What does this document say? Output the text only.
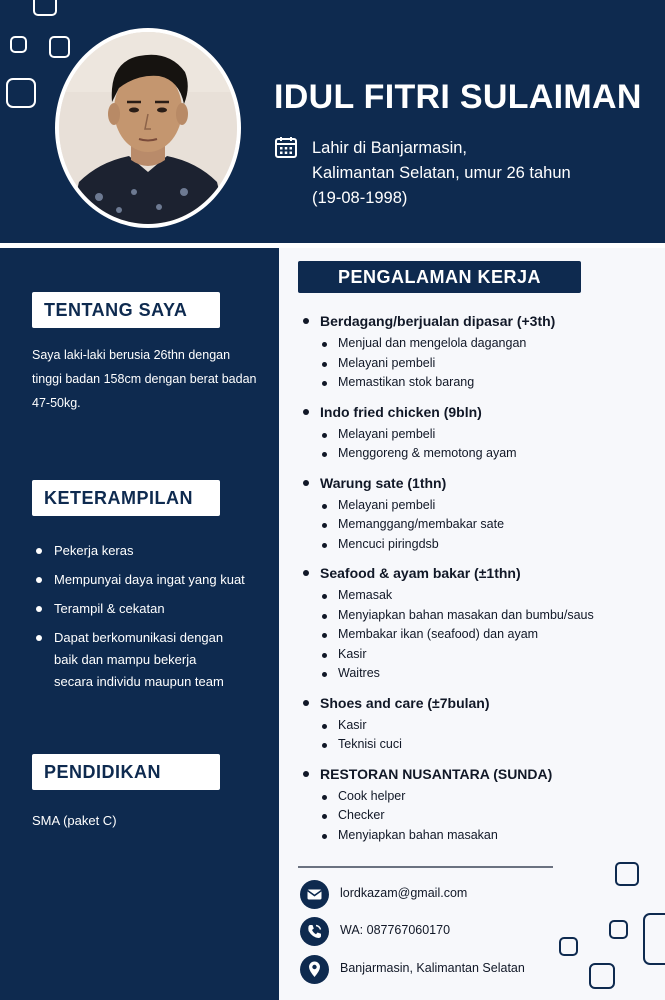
IDUL FITRI SULAIMAN
Lahir di Banjarmasin,
Kalimantan Selatan, umur 26 tahun
(19-08-1998)
TENTANG SAYA
Saya laki-laki berusia 26thn dengan
tinggi badan 158cm dengan berat badan
47-50kg.
KETERAMPILAN
Pekerja keras
Mempunyai daya ingat yang kuat
Terampil & cekatan
Dapat berkomunikasi dengan baik dan mampu bekerja secara individu maupun team
PENDIDIKAN
SMA (paket C)
PENGALAMAN KERJA
Berdagang/berjualan dipasar (+3th)
Menjual dan mengelola dagangan
Melayani pembeli
Memastikan stok barang
Indo fried chicken (9bln)
Melayani pembeli
Menggoreng & memotong ayam
Warung sate (1thn)
Melayani pembeli
Memanggang/membakar sate
Mencuci piringdsb
Seafood & ayam bakar (±1thn)
Memasak
Menyiapkan bahan masakan dan bumbu/saus
Membakar ikan (seafood) dan ayam
Kasir
Waitres
Shoes and care (±7bulan)
Kasir
Teknisi cuci
RESTORAN NUSANTARA (SUNDA)
Cook helper
Checker
Menyiapkan bahan masakan
lordkazam@gmail.com
WA: 087767060170
Banjarmasin, Kalimantan Selatan
